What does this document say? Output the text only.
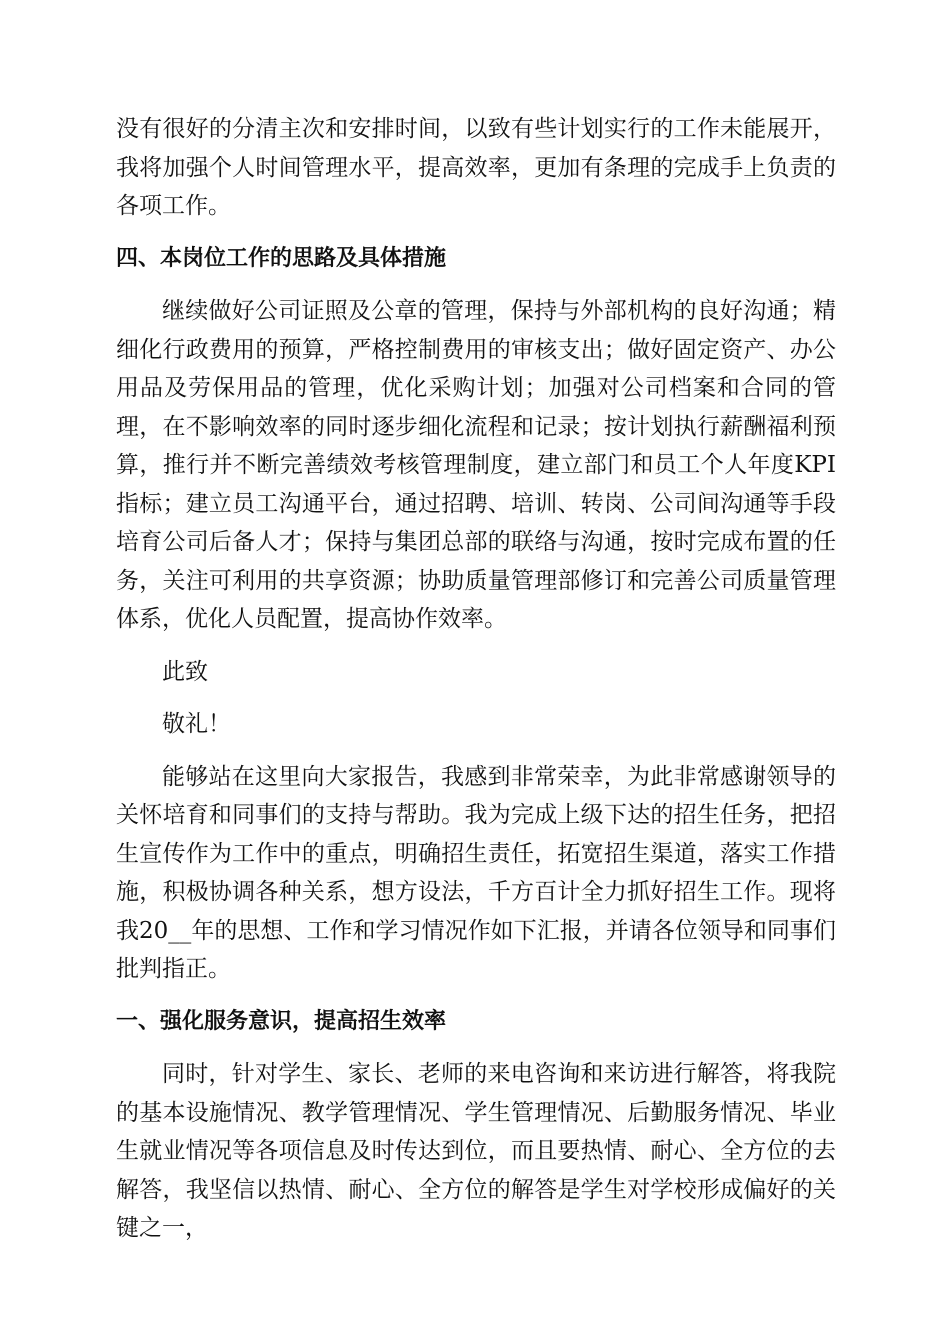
没有很好的分清主次和安排时间，以致有些计划实行的工作未能展开，我将加强个人时间管理水平，提高效率，更加有条理的完成手上负责的各项工作。

四、本岗位工作的思路及具体措施

继续做好公司证照及公章的管理，保持与外部机构的良好沟通；精细化行政费用的预算，严格控制费用的审核支出；做好固定资产、办公用品及劳保用品的管理，优化采购计划；加强对公司档案和合同的管理，在不影响效率的同时逐步细化流程和记录；按计划执行薪酬福利预算，推行并不断完善绩效考核管理制度，建立部门和员工个人年度KPI指标；建立员工沟通平台，通过招聘、培训、转岗、公司间沟通等手段培育公司后备人才；保持与集团总部的联络与沟通，按时完成布置的任务，关注可利用的共享资源；协助质量管理部修订和完善公司质量管理体系，优化人员配置，提高协作效率。

此致

敬礼！

能够站在这里向大家报告，我感到非常荣幸，为此非常感谢领导的关怀培育和同事们的支持与帮助。我为完成上级下达的招生任务，把招生宣传作为工作中的重点，明确招生责任，拓宽招生渠道，落实工作措施，积极协调各种关系，想方设法，千方百计全力抓好招生工作。现将我20__年的思想、工作和学习情况作如下汇报，并请各位领导和同事们批判指正。

一、强化服务意识，提高招生效率

同时，针对学生、家长、老师的来电咨询和来访进行解答，将我院的基本设施情况、教学管理情况、学生管理情况、后勤服务情况、毕业生就业情况等各项信息及时传达到位，而且要热情、耐心、全方位的去解答，我坚信以热情、耐心、全方位的解答是学生对学校形成偏好的关键之一，
